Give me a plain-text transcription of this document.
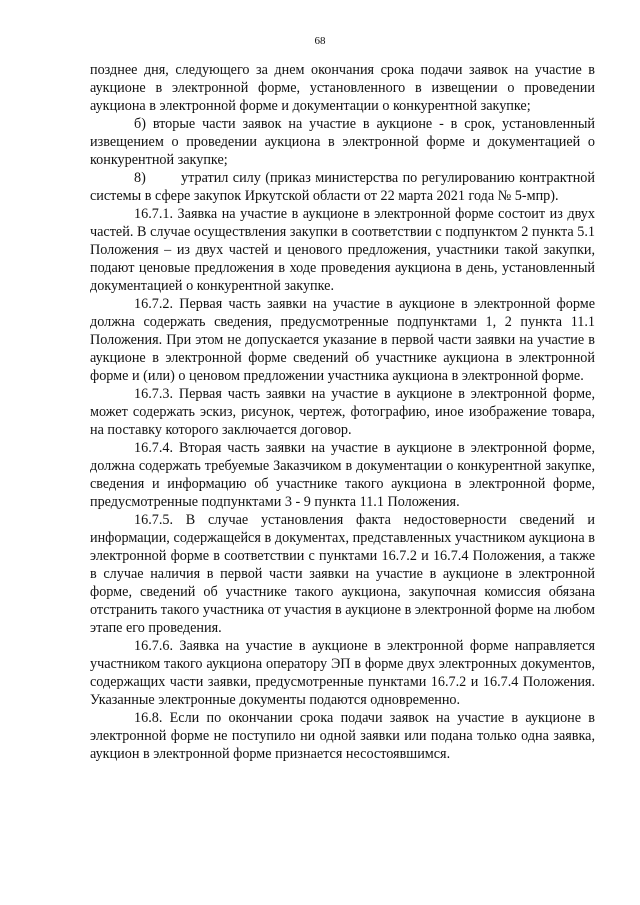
68

позднее дня, следующего за днем окончания срока подачи заявок на участие в аукционе в электронной форме, установленного в извещении о проведении аукциона в электронной форме и документации о конкурентной закупке;

б) вторые части заявок на участие в аукционе - в срок, установленный извещением о проведении аукциона в электронной форме и документацией о конкурентной закупке;

8)        утратил силу (приказ министерства по регулированию контрактной системы в сфере закупок Иркутской области от 22 марта 2021 года № 5-мпр).

16.7.1. Заявка на участие в аукционе в электронной форме состоит из двух частей. В случае осуществления закупки в соответствии с подпунктом 2 пункта 5.1 Положения – из двух частей и ценового предложения, участники такой закупки, подают ценовые предложения в ходе проведения аукциона в день, установленный документацией о конкурентной закупке.

16.7.2. Первая часть заявки на участие в аукционе в электронной форме должна содержать сведения, предусмотренные подпунктами 1, 2 пункта 11.1 Положения. При этом не допускается указание в первой части заявки на участие в аукционе в электронной форме сведений об участнике аукциона в электронной форме и (или) о ценовом предложении участника аукциона в электронной форме.

16.7.3. Первая часть заявки на участие в аукционе в электронной форме, может содержать эскиз, рисунок, чертеж, фотографию, иное изображение товара, на поставку которого заключается договор.

16.7.4. Вторая часть заявки на участие в аукционе в электронной форме, должна содержать требуемые Заказчиком в документации о конкурентной закупке, сведения и информацию об участнике такого аукциона в электронной форме, предусмотренные подпунктами 3 - 9 пункта 11.1 Положения.

16.7.5. В случае установления факта недостоверности сведений и информации, содержащейся в документах, представленных участником аукциона в электронной форме в соответствии с пунктами 16.7.2 и 16.7.4 Положения, а также в случае наличия в первой части заявки на участие в аукционе в электронной форме, сведений об участнике такого аукциона, закупочная комиссия обязана отстранить такого участника от участия в аукционе в электронной форме на любом этапе его проведения.

16.7.6. Заявка на участие в аукционе в электронной форме направляется участником такого аукциона оператору ЭП в форме двух электронных документов, содержащих части заявки, предусмотренные пунктами 16.7.2 и 16.7.4 Положения. Указанные электронные документы подаются одновременно.

16.8. Если по окончании срока подачи заявок на участие в аукционе в электронной форме не поступило ни одной заявки или подана только одна заявка, аукцион в электронной форме признается несостоявшимся.
